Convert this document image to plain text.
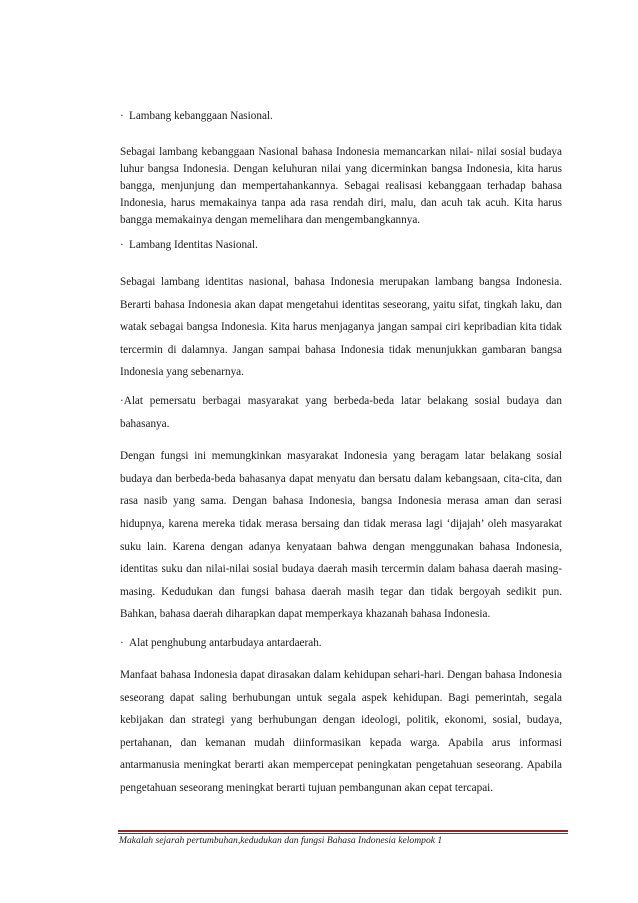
· Lambang kebanggaan Nasional.

Sebagai lambang kebanggaan Nasional bahasa Indonesia memancarkan nilai- nilai sosial budaya luhur bangsa Indonesia. Dengan keluhuran nilai yang dicerminkan bangsa Indonesia, kita harus bangga, menjunjung dan mempertahankannya. Sebagai realisasi kebanggaan terhadap bahasa Indonesia, harus memakainya tanpa ada rasa rendah diri, malu, dan acuh tak acuh. Kita harus bangga memakainya dengan memelihara dan mengembangkannya.

· Lambang Identitas Nasional.

Sebagai lambang identitas nasional, bahasa Indonesia merupakan lambang bangsa Indonesia. Berarti bahasa Indonesia akan dapat mengetahui identitas seseorang, yaitu sifat, tingkah laku, dan watak sebagai bangsa Indonesia. Kita harus menjaganya jangan sampai ciri kepribadian kita tidak tercermin di dalamnya. Jangan sampai bahasa Indonesia tidak menunjukkan gambaran bangsa Indonesia yang sebenarnya.

·Alat pemersatu berbagai masyarakat yang berbeda-beda latar belakang sosial budaya dan bahasanya.

Dengan fungsi ini memungkinkan masyarakat Indonesia yang beragam latar belakang sosial budaya dan berbeda-beda bahasanya dapat menyatu dan bersatu dalam kebangsaan, cita-cita, dan rasa nasib yang sama. Dengan bahasa Indonesia, bangsa Indonesia merasa aman dan serasi hidupnya, karena mereka tidak merasa bersaing dan tidak merasa lagi ‘dijajah’ oleh masyarakat suku lain. Karena dengan adanya kenyataan bahwa dengan menggunakan bahasa Indonesia, identitas suku dan nilai-nilai sosial budaya daerah masih tercermin dalam bahasa daerah masing-masing. Kedudukan dan fungsi bahasa daerah masih tegar dan tidak bergoyah sedikit pun. Bahkan, bahasa daerah diharapkan dapat memperkaya khazanah bahasa Indonesia.

· Alat penghubung antarbudaya antardaerah.

Manfaat bahasa Indonesia dapat dirasakan dalam kehidupan sehari-hari. Dengan bahasa Indonesia seseorang dapat saling berhubungan untuk segala aspek kehidupan. Bagi pemerintah, segala kebijakan dan strategi yang berhubungan dengan ideologi, politik, ekonomi, sosial, budaya, pertahanan, dan kemanan mudah diinformasikan kepada warga. Apabila arus informasi antarmanusia meningkat berarti akan mempercepat peningkatan pengetahuan seseorang. Apabila pengetahuan seseorang meningkat berarti tujuan pembangunan akan cepat tercapai.

Makalah sejarah pertumbuhan,kedudukan dan fungsi Bahasa Indonesia kelompok 1
